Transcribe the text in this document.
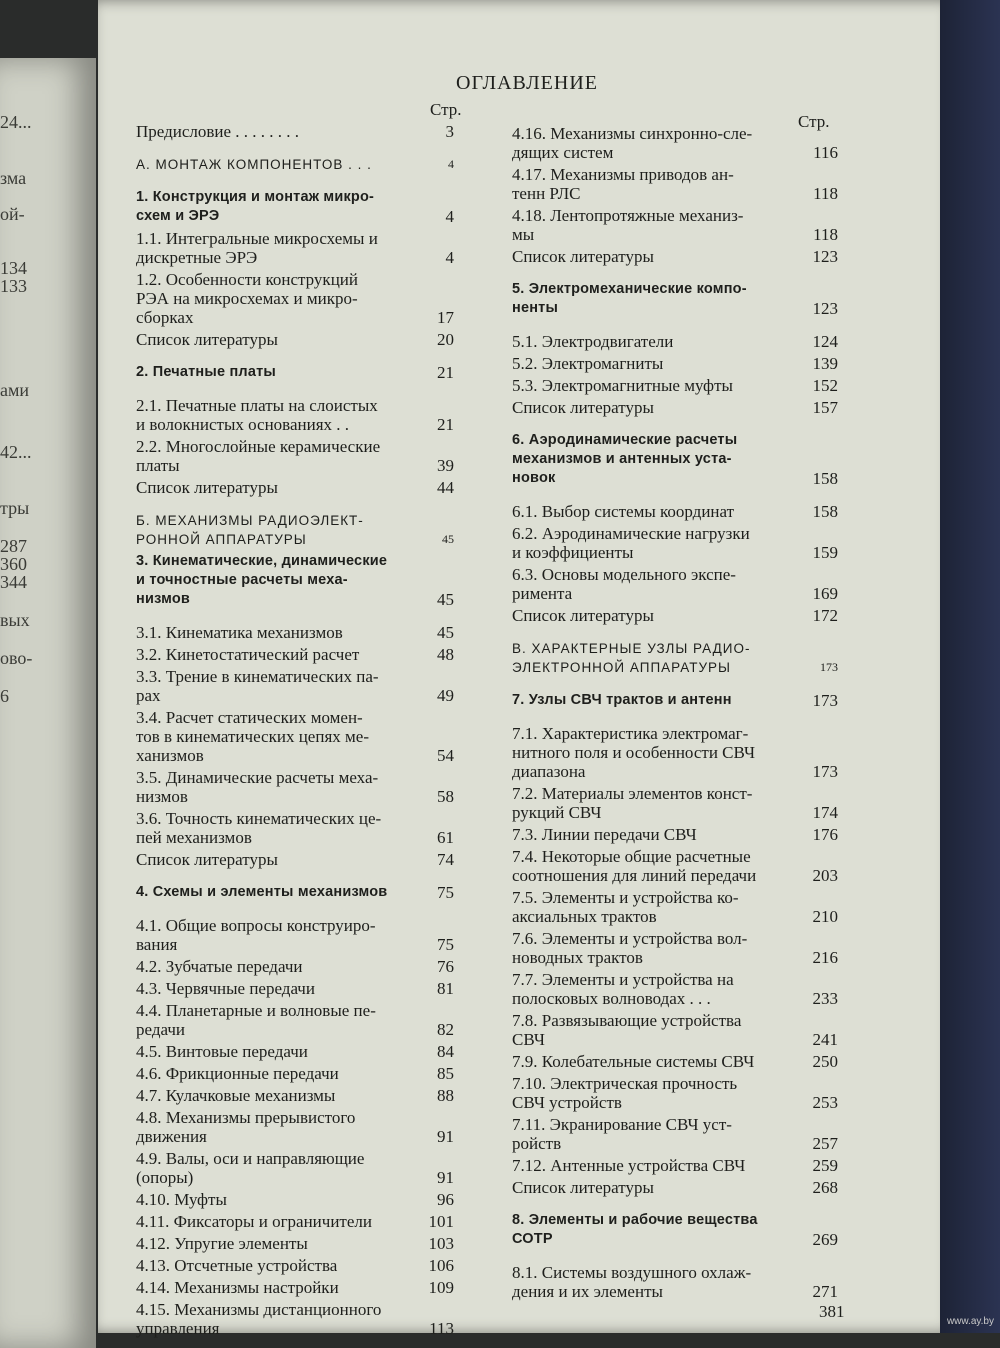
24...
зма
ой-
134
133
ами
42...
тры
287
360
344
вых
ово-
6
ОГЛАВЛЕНИЕ
Стр.
Стр.
Предисловие . . . . . . . .	3
А. МОНТАЖ КОМПОНЕНТОВ . . .	4
1. Конструкция и монтаж микро-
схем и ЭРЭ	4
1.1. Интегральные микросхемы и
дискретные ЭРЭ	4
1.2. Особенности конструкций
РЭА на микросхемах и микро-
сборках	17
Список литературы	20
2. Печатные платы	21
2.1. Печатные платы на слоистых
и волокнистых основаниях . .	21
2.2. Многослойные керамические
платы	39
Список литературы	44
Б. МЕХАНИЗМЫ РАДИОЭЛЕКТ-
РОННОЙ АППАРАТУРЫ	45
3. Кинематические, динамические
и точностные расчеты меха-
низмов	45
3.1. Кинематика механизмов	45
3.2. Кинетостатический расчет	48
3.3. Трение в кинематических па-
рах	49
3.4. Расчет статических момен-
тов в кинематических цепях ме-
ханизмов	54
3.5. Динамические расчеты меха-
низмов	58
3.6. Точность кинематических це-
пей механизмов	61
Список литературы	74
4. Схемы и элементы механизмов	75
4.1. Общие вопросы конструиро-
вания	75
4.2. Зубчатые передачи	76
4.3. Червячные передачи	81
4.4. Планетарные и волновые пе-
редачи	82
4.5. Винтовые передачи	84
4.6. Фрикционные передачи	85
4.7. Кулачковые механизмы	88
4.8. Механизмы прерывистого
движения	91
4.9. Валы, оси и направляющие
(опоры)	91
4.10. Муфты	96
4.11. Фиксаторы и ограничители	101
4.12. Упругие элементы	103
4.13. Отсчетные устройства	106
4.14. Механизмы настройки	109
4.15. Механизмы дистанционного
управления	113
4.16. Механизмы синхронно-сле-
дящих систем	116
4.17. Механизмы приводов ан-
тенн РЛС	118
4.18. Лентопротяжные механиз-
мы	118
Список литературы	123
5. Электромеханические компо-
ненты	123
5.1. Электродвигатели	124
5.2. Электромагниты	139
5.3. Электромагнитные муфты	152
Список литературы	157
6. Аэродинамические расчеты
механизмов и антенных уста-
новок	158
6.1. Выбор системы координат	158
6.2. Аэродинамические нагрузки
и коэффициенты	159
6.3. Основы модельного экспе-
римента	169
Список литературы	172
В. ХАРАКТЕРНЫЕ УЗЛЫ РАДИО-
ЭЛЕКТРОННОЙ АППАРАТУРЫ	173
7. Узлы СВЧ трактов и антенн	173
7.1. Характеристика электромаг-
нитного поля и особенности СВЧ
диапазона	173
7.2. Материалы элементов конст-
рукций СВЧ	174
7.3. Линии передачи СВЧ	176
7.4. Некоторые общие расчетные
соотношения для линий передачи	203
7.5. Элементы и устройства ко-
аксиальных трактов	210
7.6. Элементы и устройства вол-
новодных трактов	216
7.7. Элементы и устройства на
полосковых волноводах . . .	233
7.8. Развязывающие устройства
СВЧ	241
7.9. Колебательные системы СВЧ	250
7.10. Электрическая прочность
СВЧ устройств	253
7.11. Экранирование СВЧ уст-
ройств	257
7.12. Антенные устройства СВЧ	259
Список литературы	268
8. Элементы и рабочие вещества
СОТР	269
8.1. Системы воздушного охлаж-
дения и их элементы	271
381
www.ay.by
